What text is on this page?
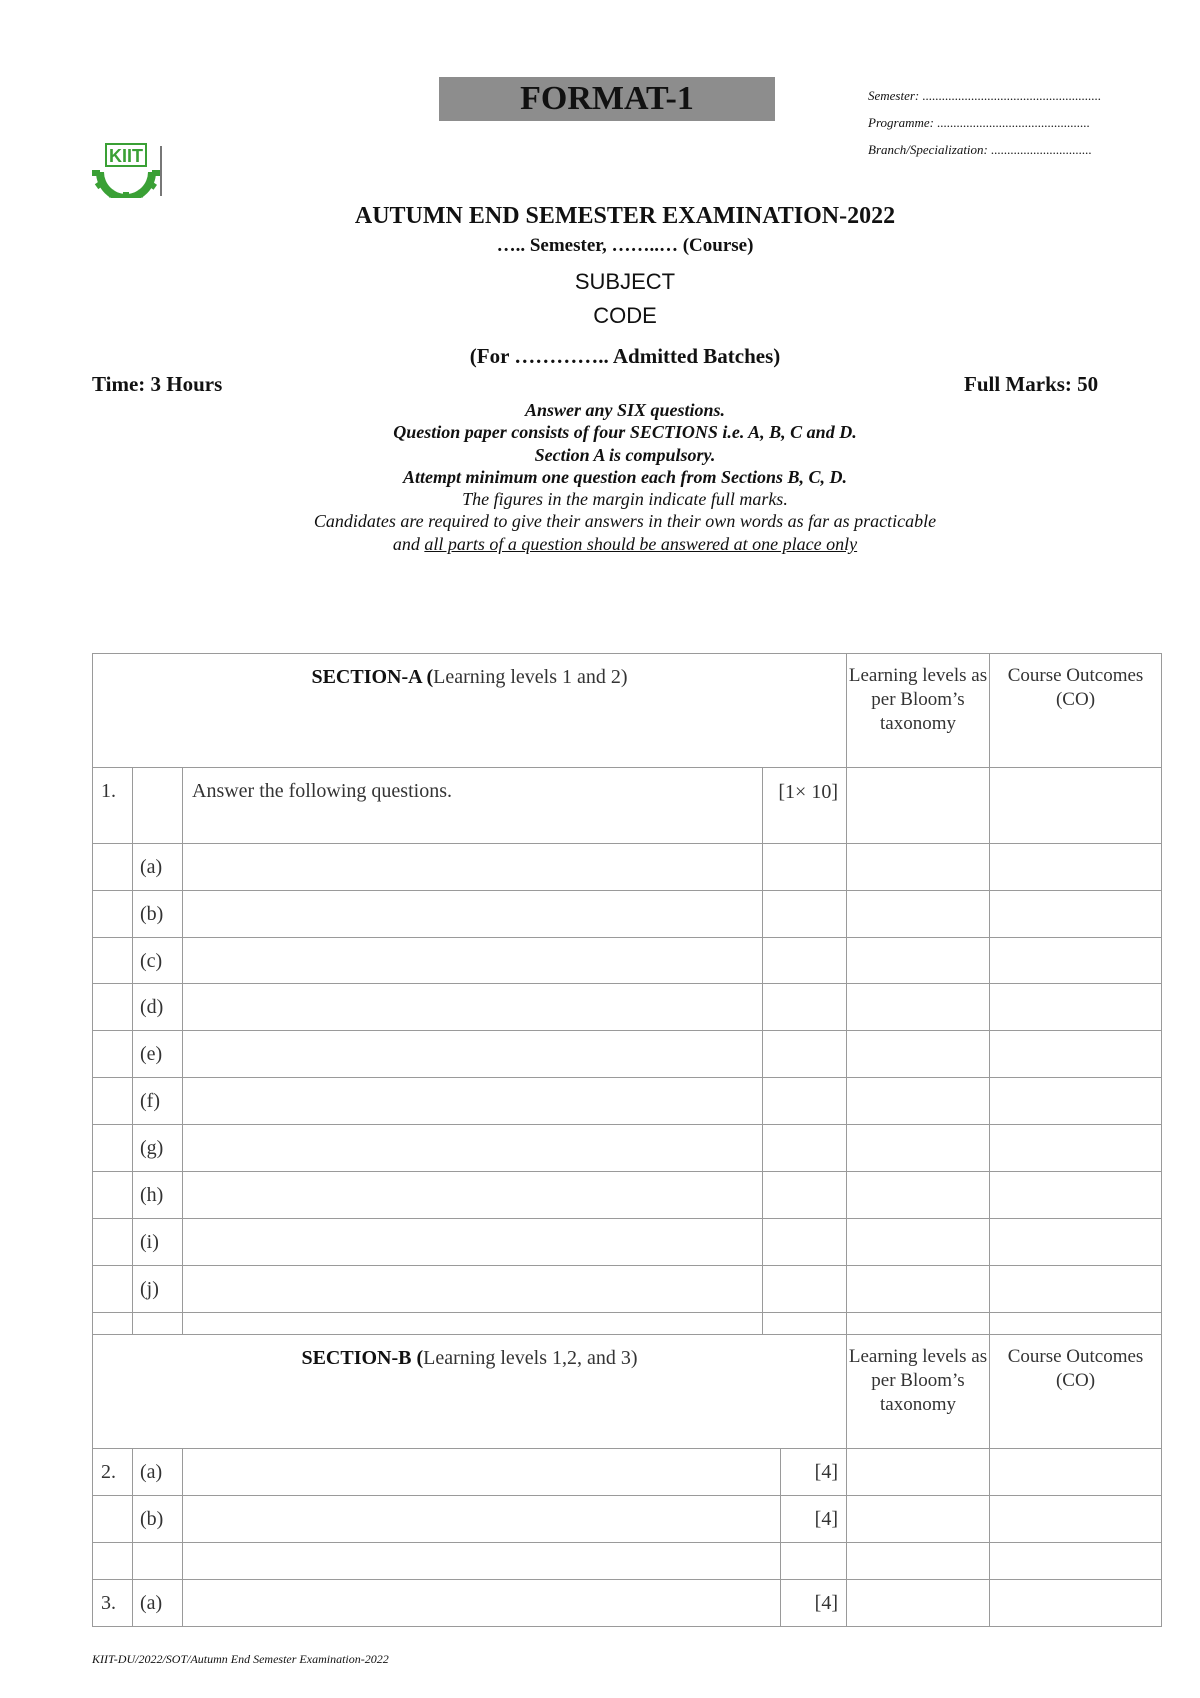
FORMAT-1	Semester: .......................................................
Programme: ...............................................
Branch/Specialization: ...............................
KIIT
AUTUMN END SEMESTER EXAMINATION-2022
….. Semester, ……..… (Course)
SUBJECT
CODE
(For ………….. Admitted Batches)
Time: 3 Hours	Full Marks: 50
Answer any SIX questions.
Question paper consists of four SECTIONS i.e. A, B, C and D.
Section A is compulsory.
Attempt minimum one question each from Sections B, C, D.
The figures in the margin indicate full marks.
Candidates are required to give their answers in their own words as far as practicable
and all parts of a question should be answered at one place only
SECTION-A (Learning levels 1 and 2)					Learning levels as per Bloom’s taxonomy	Course Outcomes (CO)
1.		Answer the following questions.	[1× 10]			
	(a)					
	(b)					
	(c)					
	(d)					
	(e)					
	(f)					
	(g)					
	(h)					
	(i)					
	(j)					

SECTION-B (Learning levels 1,2, and 3)					Learning levels as per Bloom’s taxonomy	Course Outcomes (CO)
2.	(a)			[4]		
	(b)			[4]		

3.	(a)			[4]		
KIIT-DU/2022/SOT/Autumn End Semester Examination-2022
